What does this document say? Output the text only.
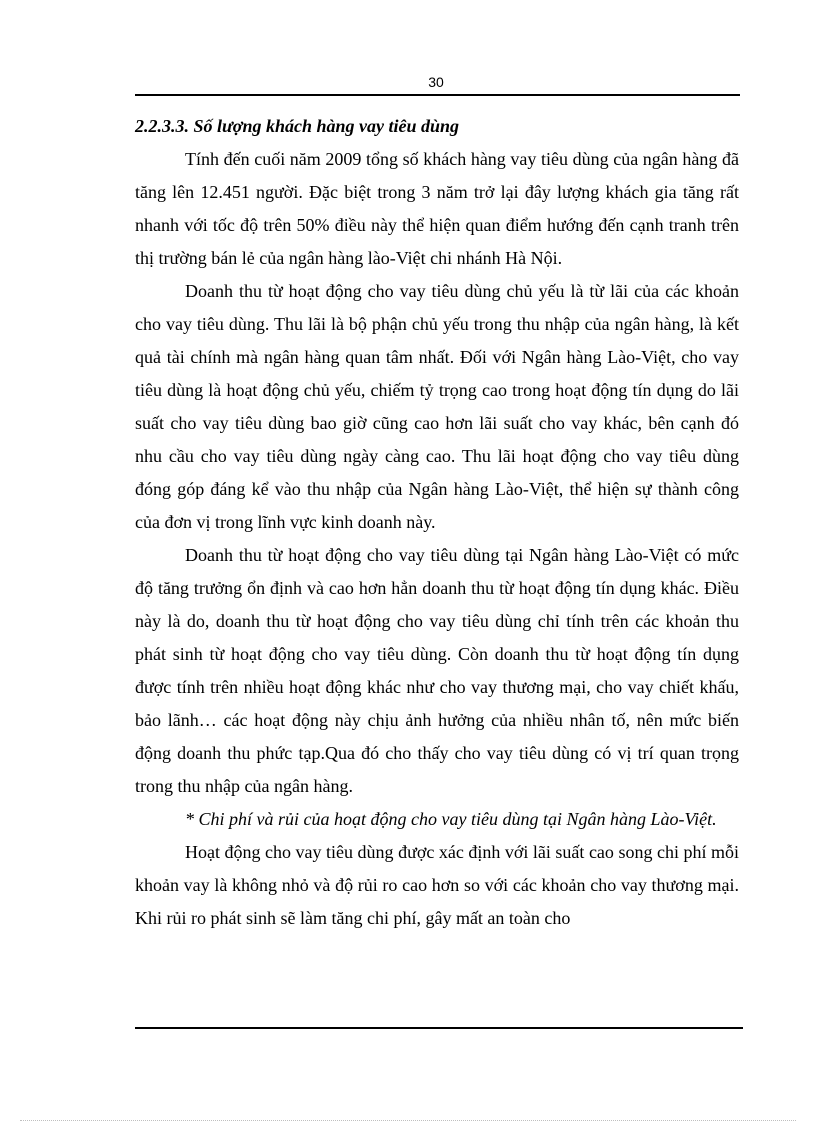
30

2.2.3.3. Số lượng khách hàng vay tiêu dùng

Tính đến cuối năm 2009 tổng số khách hàng vay tiêu dùng của ngân hàng đã tăng lên 12.451 người. Đặc biệt trong 3 năm trở lại đây lượng khách gia tăng rất nhanh với tốc độ trên 50% điều này thể hiện quan điểm hướng đến cạnh tranh trên thị trường bán lẻ của ngân hàng lào-Việt chi nhánh Hà Nội.

Doanh thu từ hoạt động cho vay tiêu dùng chủ yếu là từ lãi của các khoản cho vay tiêu dùng. Thu lãi là bộ phận chủ yếu trong thu nhập của ngân hàng, là kết quả tài chính mà ngân hàng quan tâm nhất. Đối với Ngân hàng Lào-Việt, cho vay tiêu dùng là hoạt động chủ yếu, chiếm tỷ trọng cao trong hoạt động tín dụng do lãi suất cho vay tiêu dùng bao giờ cũng cao hơn lãi suất cho vay khác, bên cạnh đó nhu cầu cho vay tiêu dùng ngày càng cao. Thu lãi hoạt động cho vay tiêu dùng đóng góp đáng kể vào thu nhập của Ngân hàng Lào-Việt, thể hiện sự thành công của đơn vị trong lĩnh vực kinh doanh này.

Doanh thu từ hoạt động cho vay tiêu dùng tại Ngân hàng Lào-Việt có mức độ tăng trưởng ổn định và cao hơn hẳn doanh thu từ hoạt động tín dụng khác. Điều này là do, doanh thu từ hoạt động cho vay tiêu dùng chỉ tính trên các khoản thu phát sinh từ hoạt động cho vay tiêu dùng. Còn doanh thu từ hoạt động tín dụng được tính trên nhiều hoạt động khác như cho vay thương mại, cho vay chiết khấu, bảo lãnh… các hoạt động này chịu ảnh hưởng của nhiều nhân tố, nên mức biến động doanh thu phức tạp.Qua đó cho thấy cho vay tiêu dùng có vị trí quan trọng trong thu nhập của ngân hàng.

* Chi phí và rủi của hoạt động cho vay tiêu dùng tại Ngân hàng Lào-Việt.

Hoạt động cho vay tiêu dùng được xác định với lãi suất cao song chi phí mỗi khoản vay là không nhỏ và độ rủi ro cao hơn so với các khoản cho vay thương mại. Khi rủi ro phát sinh sẽ làm tăng chi phí, gây mất an toàn cho
